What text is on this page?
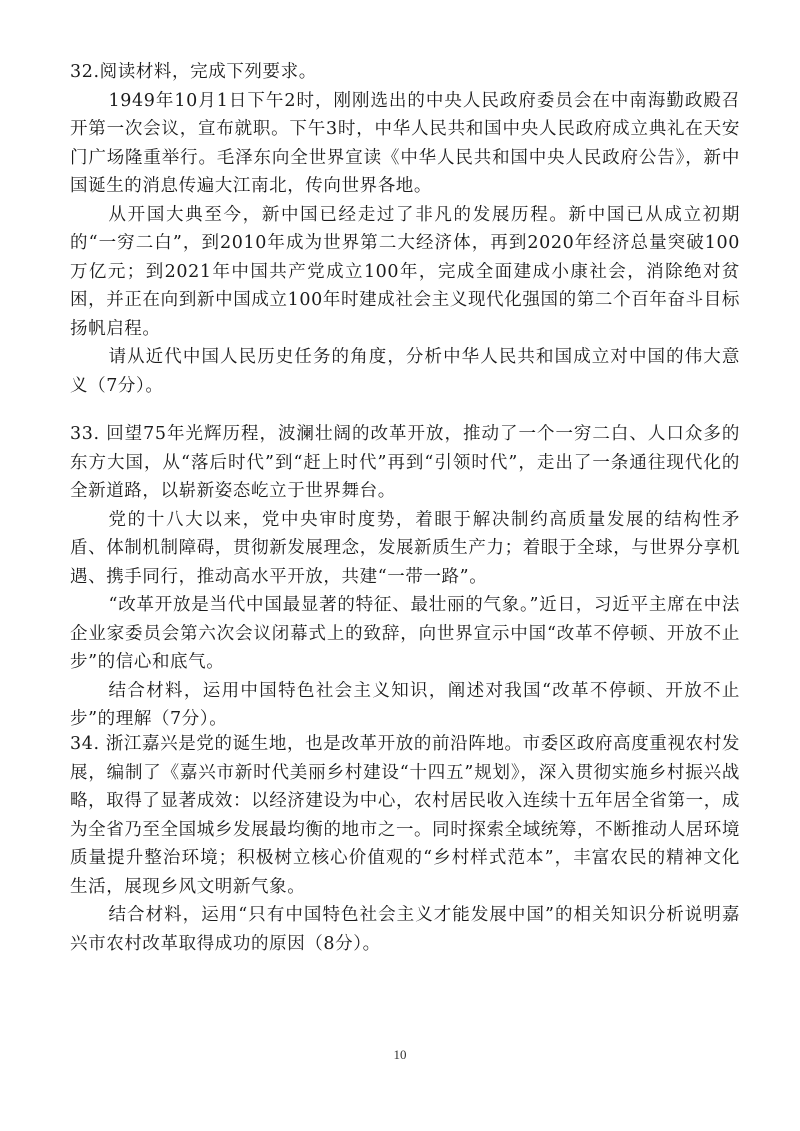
32.阅读材料，完成下列要求。

1949年10月1日下午2时，刚刚选出的中央人民政府委员会在中南海勤政殿召开第一次会议，宣布就职。下午3时，中华人民共和国中央人民政府成立典礼在天安门广场隆重举行。毛泽东向全世界宣读《中华人民共和国中央人民政府公告》，新中国诞生的消息传遍大江南北，传向世界各地。

从开国大典至今，新中国已经走过了非凡的发展历程。新中国已从成立初期的“一穷二白”，到2010年成为世界第二大经济体，再到2020年经济总量突破100万亿元；到2021年中国共产党成立100年，完成全面建成小康社会，消除绝对贫困，并正在向到新中国成立100年时建成社会主义现代化强国的第二个百年奋斗目标扬帆启程。

请从近代中国人民历史任务的角度，分析中华人民共和国成立对中国的伟大意义（7分）。

33. 回望75年光辉历程，波澜壮阔的改革开放，推动了一个一穷二白、人口众多的东方大国，从“落后时代”到“赶上时代”再到“引领时代”，走出了一条通往现代化的全新道路，以崭新姿态屹立于世界舞台。

党的十八大以来，党中央审时度势，着眼于解决制约高质量发展的结构性矛盾、体制机制障碍，贯彻新发展理念，发展新质生产力；着眼于全球，与世界分享机遇、携手同行，推动高水平开放，共建“一带一路”。

“改革开放是当代中国最显著的特征、最壮丽的气象。”近日，习近平主席在中法企业家委员会第六次会议闭幕式上的致辞，向世界宣示中国“改革不停顿、开放不止步”的信心和底气。

结合材料，运用中国特色社会主义知识，阐述对我国“改革不停顿、开放不止步”的理解（7分）。

34. 浙江嘉兴是党的诞生地，也是改革开放的前沿阵地。市委区政府高度重视农村发展，编制了《嘉兴市新时代美丽乡村建设“十四五”规划》，深入贯彻实施乡村振兴战略，取得了显著成效：以经济建设为中心，农村居民收入连续十五年居全省第一，成为全省乃至全国城乡发展最均衡的地市之一。同时探索全域统筹，不断推动人居环境质量提升整治环境；积极树立核心价值观的“乡村样式范本”，丰富农民的精神文化生活，展现乡风文明新气象。

结合材料，运用“只有中国特色社会主义才能发展中国”的相关知识分析说明嘉兴市农村改革取得成功的原因（8分）。

10
